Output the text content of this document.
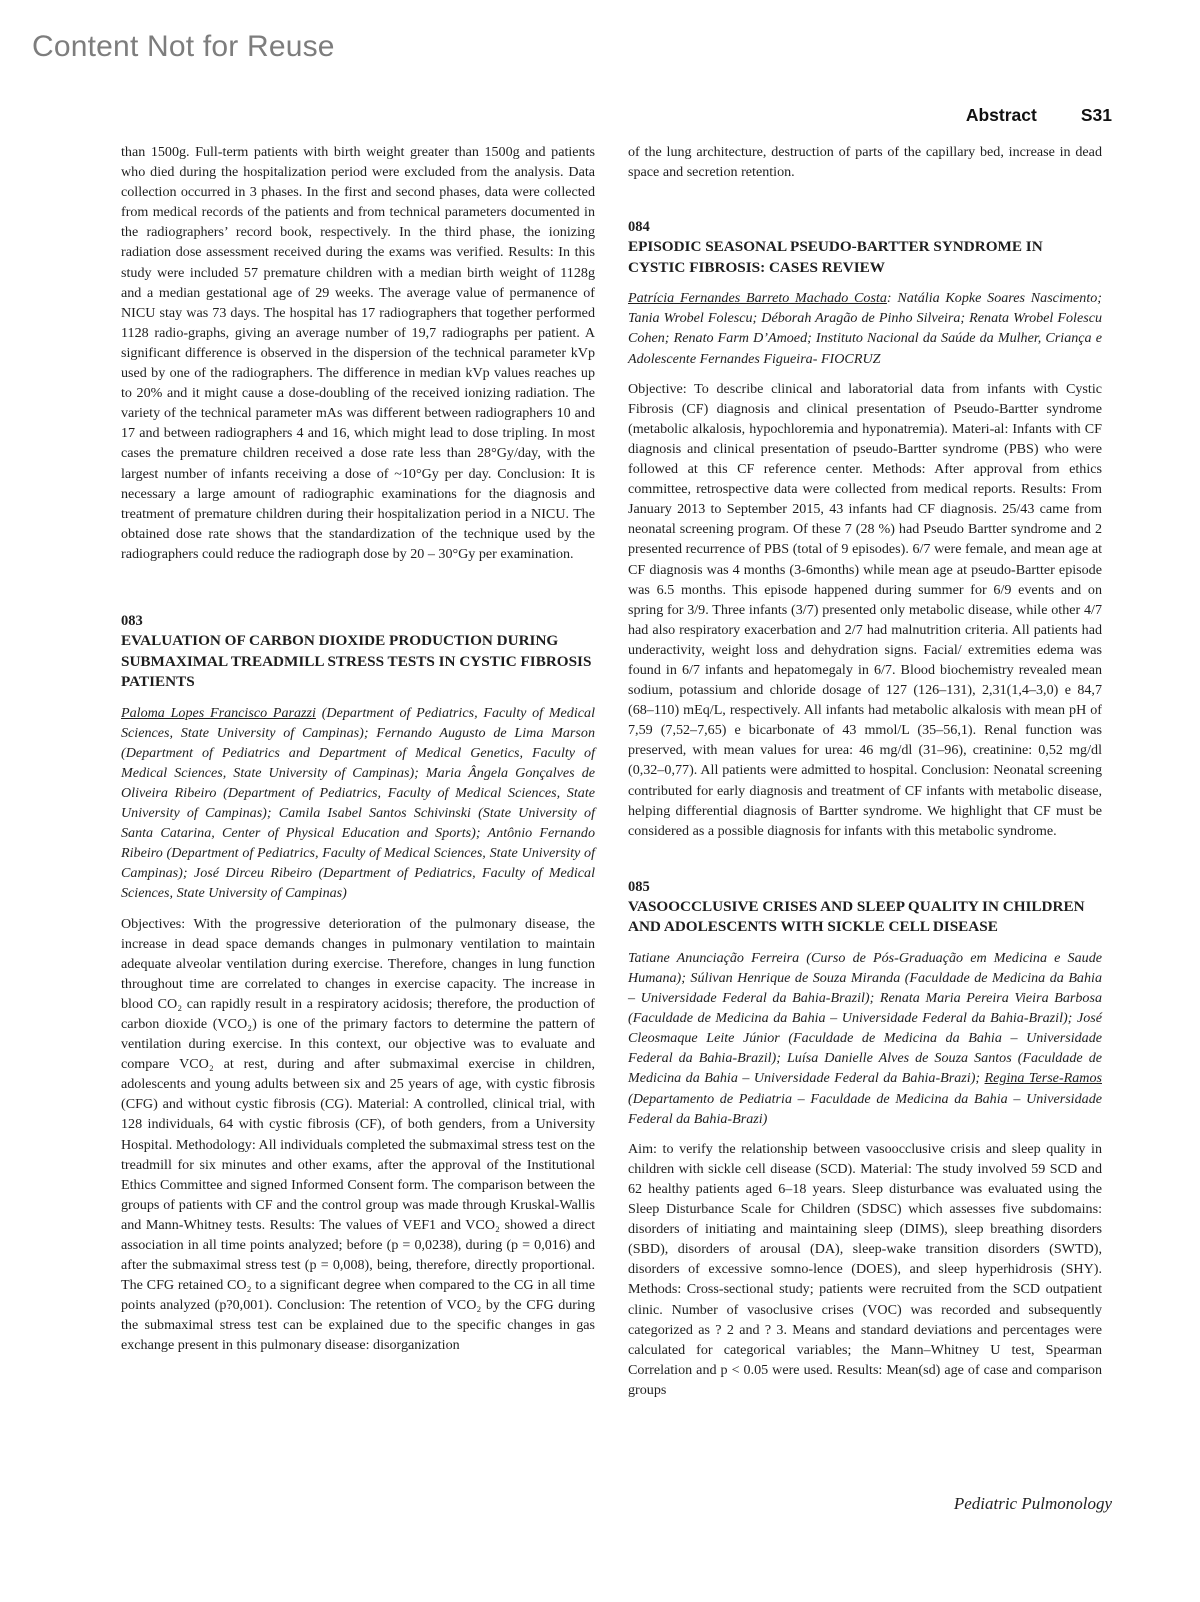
Content Not for Reuse
Abstract	S31

than 1500g. Full-term patients with birth weight greater than 1500g and patients who died during the hospitalization period were excluded from the analysis. Data collection occurred in 3 phases. In the first and second phases, data were collected from medical records of the patients and from technical parameters documented in the radiographers’ record book, respectively. In the third phase, the ionizing radiation dose assessment received during the exams was verified. Results: In this study were included 57 premature children with a median birth weight of 1128g and a median gestational age of 29 weeks. The average value of permanence of NICU stay was 73 days. The hospital has 17 radiographers that together performed 1128 radio-graphs, giving an average number of 19,7 radiographs per patient. A significant difference is observed in the dispersion of the technical parameter kVp used by one of the radiographers. The difference in median kVp values reaches up to 20% and it might cause a dose-doubling of the received ionizing radiation. The variety of the technical parameter mAs was different between radiographers 10 and 17 and between radiographers 4 and 16, which might lead to dose tripling. In most cases the premature children received a dose rate less than 28°Gy/day, with the largest number of infants receiving a dose of ~10°Gy per day. Conclusion: It is necessary a large amount of radiographic examinations for the diagnosis and treatment of premature children during their hospitalization period in a NICU. The obtained dose rate shows that the standardization of the technique used by the radiographers could reduce the radiograph dose by 20 – 30°Gy per examination.

083

EVALUATION OF CARBON DIOXIDE PRODUCTION DURING SUBMAXIMAL TREADMILL STRESS TESTS IN CYSTIC FIBROSIS PATIENTS

Paloma Lopes Francisco Parazzi (Department of Pediatrics, Faculty of Medical Sciences, State University of Campinas); Fernando Augusto de Lima Marson (Department of Pediatrics and Department of Medical Genetics, Faculty of Medical Sciences, State University of Campinas); Maria Ângela Gonçalves de Oliveira Ribeiro (Department of Pediatrics, Faculty of Medical Sciences, State University of Campinas); Camila Isabel Santos Schivinski (State University of Santa Catarina, Center of Physical Education and Sports); Antônio Fernando Ribeiro (Department of Pediatrics, Faculty of Medical Sciences, State University of Campinas); José Dirceu Ribeiro (Department of Pediatrics, Faculty of Medical Sciences, State University of Campinas)

Objectives: With the progressive deterioration of the pulmonary disease, the increase in dead space demands changes in pulmonary ventilation to maintain adequate alveolar ventilation during exercise. Therefore, changes in lung function throughout time are correlated to changes in exercise capacity. The increase in blood CO₂ can rapidly result in a respiratory acidosis; therefore, the production of carbon dioxide (VCO₂) is one of the primary factors to determine the pattern of ventilation during exercise. In this context, our objective was to evaluate and compare VCO₂ at rest, during and after submaximal exercise in children, adolescents and young adults between six and 25 years of age, with cystic fibrosis (CFG) and without cystic fibrosis (CG). Material: A controlled, clinical trial, with 128 individuals, 64 with cystic fibrosis (CF), of both genders, from a University Hospital. Methodology: All individuals completed the submaximal stress test on the treadmill for six minutes and other exams, after the approval of the Institutional Ethics Committee and signed Informed Consent form. The comparison between the groups of patients with CF and the control group was made through Kruskal-Wallis and Mann-Whitney tests. Results: The values of VEF1 and VCO₂ showed a direct association in all time points analyzed; before (p = 0,0238), during (p = 0,016) and after the submaximal stress test (p = 0,008), being, therefore, directly proportional. The CFG retained CO₂ to a significant degree when compared to the CG in all time points analyzed (p?0,001). Conclusion: The retention of VCO₂ by the CFG during the submaximal stress test can be explained due to the specific changes in gas exchange present in this pulmonary disease: disorganization

of the lung architecture, destruction of parts of the capillary bed, increase in dead space and secretion retention.

084

EPISODIC SEASONAL PSEUDO-BARTTER SYNDROME IN CYSTIC FIBROSIS: CASES REVIEW

Patrícia Fernandes Barreto Machado Costa: Natália Kopke Soares Nascimento; Tania Wrobel Folescu; Déborah Aragão de Pinho Silveira; Renata Wrobel Folescu Cohen; Renato Farm D’Amoed; Instituto Nacional da Saúde da Mulher, Criança e Adolescente Fernandes Figueira- FIOCRUZ

Objective: To describe clinical and laboratorial data from infants with Cystic Fibrosis (CF) diagnosis and clinical presentation of Pseudo-Bartter syndrome (metabolic alkalosis, hypochloremia and hyponatremia). Materi-al: Infants with CF diagnosis and clinical presentation of pseudo-Bartter syndrome (PBS) who were followed at this CF reference center. Methods: After approval from ethics committee, retrospective data were collected from medical reports. Results: From January 2013 to September 2015, 43 infants had CF diagnosis. 25/43 came from neonatal screening program. Of these 7 (28 %) had Pseudo Bartter syndrome and 2 presented recurrence of PBS (total of 9 episodes). 6/7 were female, and mean age at CF diagnosis was 4 months (3-6months) while mean age at pseudo-Bartter episode was 6.5 months. This episode happened during summer for 6/9 events and on spring for 3/9. Three infants (3/7) presented only metabolic disease, while other 4/7 had also respiratory exacerbation and 2/7 had malnutrition criteria. All patients had underactivity, weight loss and dehydration signs. Facial/ extremities edema was found in 6/7 infants and hepatomegaly in 6/7. Blood biochemistry revealed mean sodium, potassium and chloride dosage of 127 (126–131), 2,31(1,4–3,0) e 84,7 (68–110) mEq/L, respectively. All infants had metabolic alkalosis with mean pH of 7,59 (7,52–7,65) e bicarbonate of 43 mmol/L (35–56,1). Renal function was preserved, with mean values for urea: 46 mg/dl (31–96), creatinine: 0,52 mg/dl (0,32–0,77). All patients were admitted to hospital. Conclusion: Neonatal screening contributed for early diagnosis and treatment of CF infants with metabolic disease, helping differential diagnosis of Bartter syndrome. We highlight that CF must be considered as a possible diagnosis for infants with this metabolic syndrome.

085

VASOOCCLUSIVE CRISES AND SLEEP QUALITY IN CHILDREN AND ADOLESCENTS WITH SICKLE CELL DISEASE

Tatiane Anunciação Ferreira (Curso de Pós-Graduação em Medicina e Saude Humana); Súlivan Henrique de Souza Miranda (Faculdade de Medicina da Bahia – Universidade Federal da Bahia-Brazil); Renata Maria Pereira Vieira Barbosa (Faculdade de Medicina da Bahia – Universidade Federal da Bahia-Brazil); José Cleosmaque Leite Júnior (Faculdade de Medicina da Bahia – Universidade Federal da Bahia-Brazil); Luísa Danielle Alves de Souza Santos (Faculdade de Medicina da Bahia – Universidade Federal da Bahia-Brazi); Regina Terse-Ramos (Departamento de Pediatria – Faculdade de Medicina da Bahia – Universidade Federal da Bahia-Brazi)

Aim: to verify the relationship between vasoocclusive crisis and sleep quality in children with sickle cell disease (SCD). Material: The study involved 59 SCD and 62 healthy patients aged 6–18 years. Sleep disturbance was evaluated using the Sleep Disturbance Scale for Children (SDSC) which assesses five subdomains: disorders of initiating and maintaining sleep (DIMS), sleep breathing disorders (SBD), disorders of arousal (DA), sleep-wake transition disorders (SWTD), disorders of excessive somno-lence (DOES), and sleep hyperhidrosis (SHY). Methods: Cross-sectional study; patients were recruited from the SCD outpatient clinic. Number of vasoclusive crises (VOC) was recorded and subsequently categorized as ? 2 and ? 3. Means and standard deviations and percentages were calculated for categorical variables; the Mann–Whitney U test, Spearman Correlation and p < 0.05 were used. Results: Mean(sd) age of case and comparison groups

Pediatric Pulmonology
